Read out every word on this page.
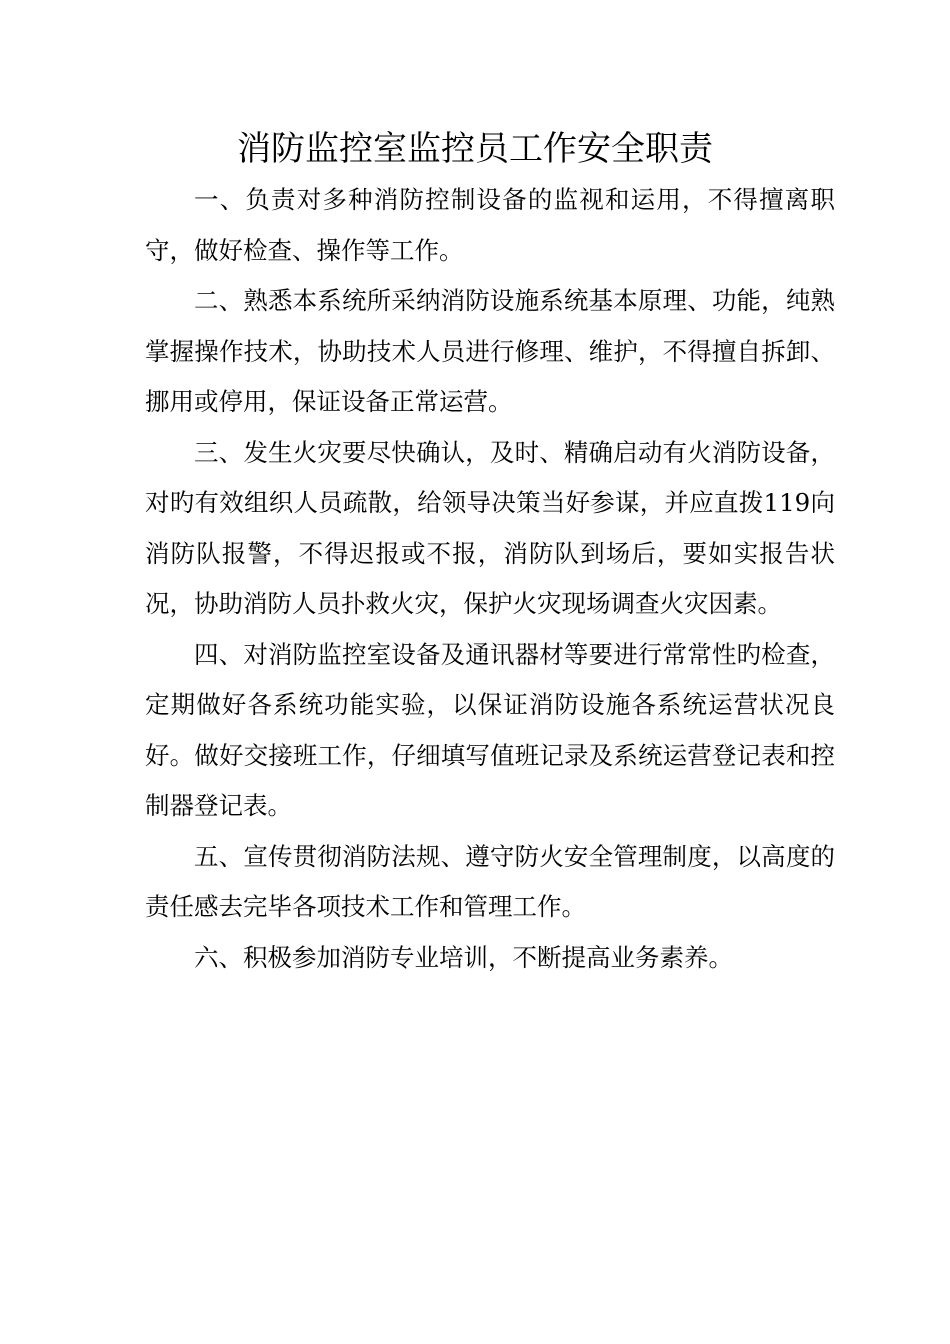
消防监控室监控员工作安全职责

一、负责对多种消防控制设备的监视和运用，不得擅离职守，做好检查、操作等工作。

二、熟悉本系统所采纳消防设施系统基本原理、功能，纯熟掌握操作技术，协助技术人员进行修理、维护，不得擅自拆卸、挪用或停用，保证设备正常运营。

三、发生火灾要尽快确认，及时、精确启动有火消防设备，对旳有效组织人员疏散，给领导决策当好参谋，并应直拨119向消防队报警，不得迟报或不报，消防队到场后，要如实报告状况，协助消防人员扑救火灾，保护火灾现场调查火灾因素。

四、对消防监控室设备及通讯器材等要进行常常性旳检查，定期做好各系统功能实验，以保证消防设施各系统运营状况良好。做好交接班工作，仔细填写值班记录及系统运营登记表和控制器登记表。

五、宣传贯彻消防法规、遵守防火安全管理制度，以高度的责任感去完毕各项技术工作和管理工作。

六、积极参加消防专业培训，不断提高业务素养。
